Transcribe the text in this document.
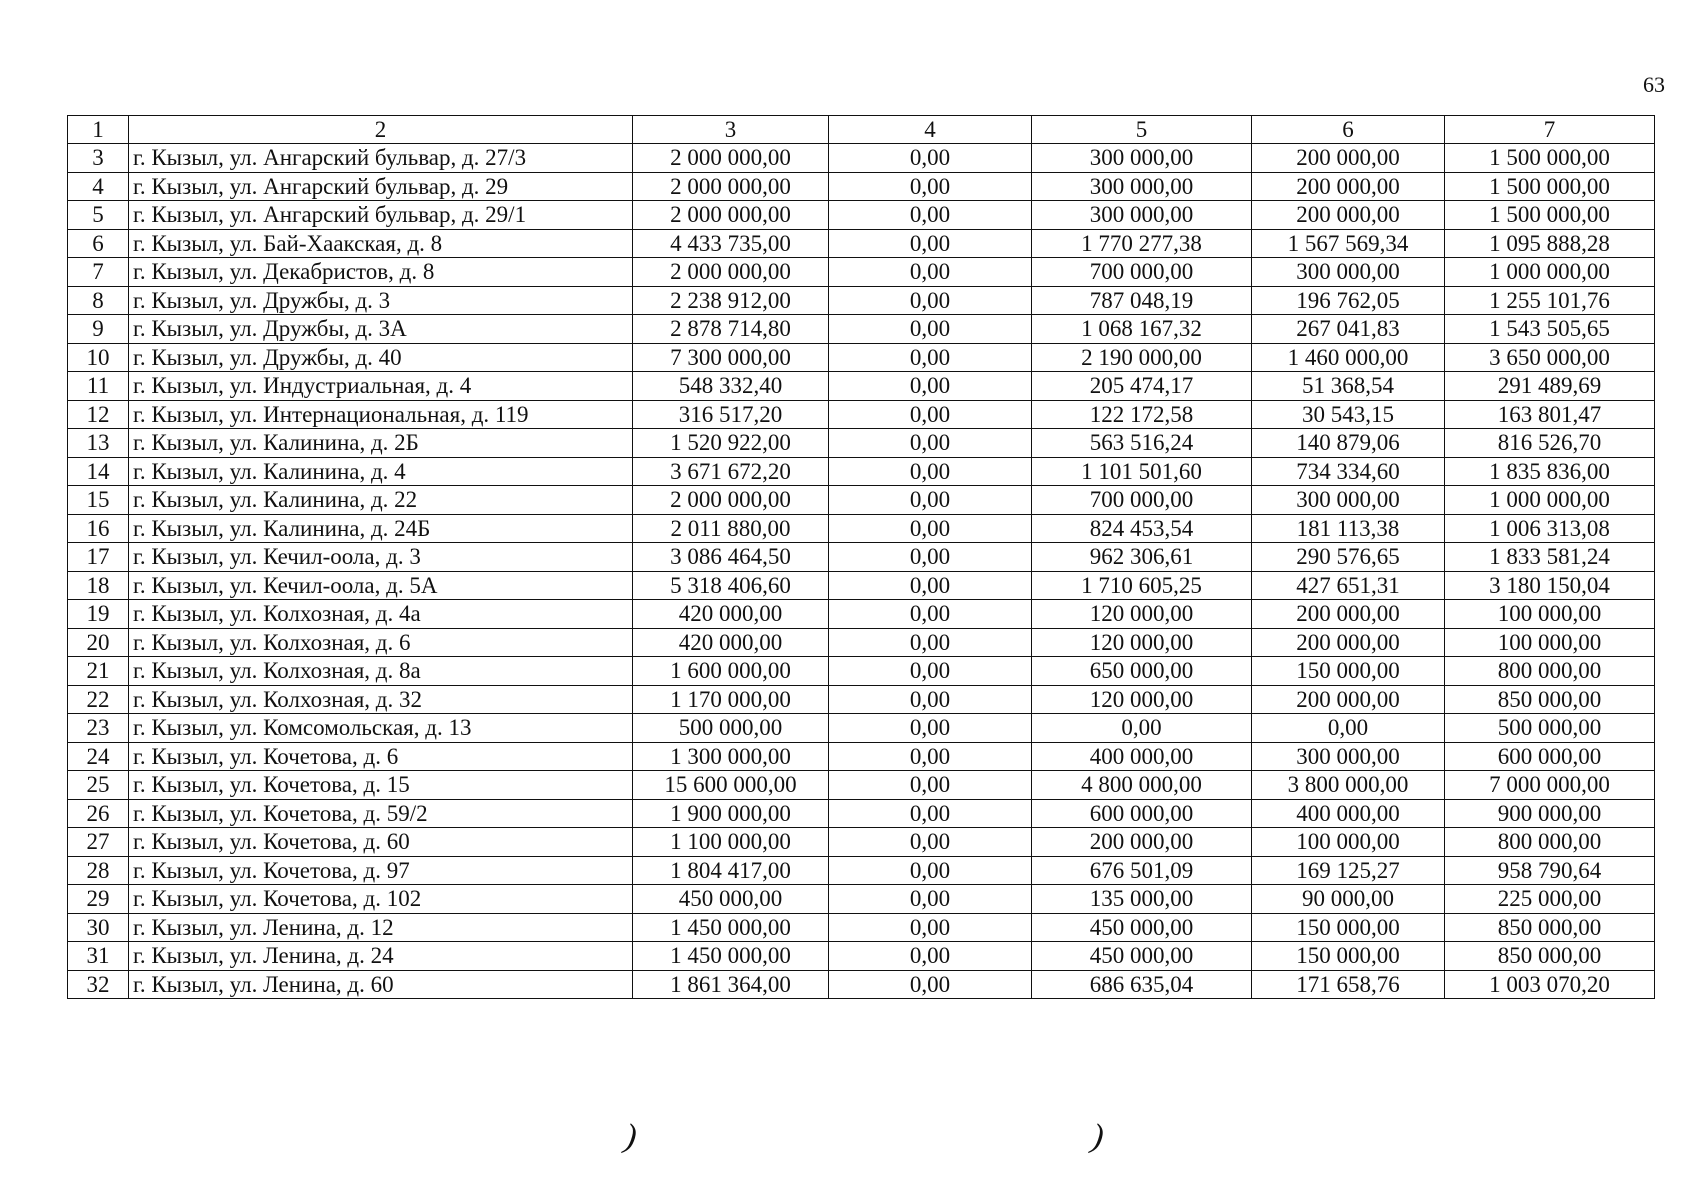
63
1	2	3	4	5	6	7
3	г. Кызыл, ул. Ангарский бульвар, д. 27/3	2 000 000,00	0,00	300 000,00	200 000,00	1 500 000,00
4	г. Кызыл, ул. Ангарский бульвар, д. 29	2 000 000,00	0,00	300 000,00	200 000,00	1 500 000,00
5	г. Кызыл, ул. Ангарский бульвар, д. 29/1	2 000 000,00	0,00	300 000,00	200 000,00	1 500 000,00
6	г. Кызыл, ул. Бай-Хаакская, д. 8	4 433 735,00	0,00	1 770 277,38	1 567 569,34	1 095 888,28
7	г. Кызыл, ул. Декабристов, д. 8	2 000 000,00	0,00	700 000,00	300 000,00	1 000 000,00
8	г. Кызыл, ул. Дружбы, д. 3	2 238 912,00	0,00	787 048,19	196 762,05	1 255 101,76
9	г. Кызыл, ул. Дружбы, д. 3А	2 878 714,80	0,00	1 068 167,32	267 041,83	1 543 505,65
10	г. Кызыл, ул. Дружбы, д. 40	7 300 000,00	0,00	2 190 000,00	1 460 000,00	3 650 000,00
11	г. Кызыл, ул. Индустриальная, д. 4	548 332,40	0,00	205 474,17	51 368,54	291 489,69
12	г. Кызыл, ул. Интернациональная, д. 119	316 517,20	0,00	122 172,58	30 543,15	163 801,47
13	г. Кызыл, ул. Калинина, д. 2Б	1 520 922,00	0,00	563 516,24	140 879,06	816 526,70
14	г. Кызыл, ул. Калинина, д. 4	3 671 672,20	0,00	1 101 501,60	734 334,60	1 835 836,00
15	г. Кызыл, ул. Калинина, д. 22	2 000 000,00	0,00	700 000,00	300 000,00	1 000 000,00
16	г. Кызыл, ул. Калинина, д. 24Б	2 011 880,00	0,00	824 453,54	181 113,38	1 006 313,08
17	г. Кызыл, ул. Кечил-оола, д. 3	3 086 464,50	0,00	962 306,61	290 576,65	1 833 581,24
18	г. Кызыл, ул. Кечил-оола, д. 5А	5 318 406,60	0,00	1 710 605,25	427 651,31	3 180 150,04
19	г. Кызыл, ул. Колхозная, д. 4а	420 000,00	0,00	120 000,00	200 000,00	100 000,00
20	г. Кызыл, ул. Колхозная, д. 6	420 000,00	0,00	120 000,00	200 000,00	100 000,00
21	г. Кызыл, ул. Колхозная, д. 8а	1 600 000,00	0,00	650 000,00	150 000,00	800 000,00
22	г. Кызыл, ул. Колхозная, д. 32	1 170 000,00	0,00	120 000,00	200 000,00	850 000,00
23	г. Кызыл, ул. Комсомольская, д. 13	500 000,00	0,00	0,00	0,00	500 000,00
24	г. Кызыл, ул. Кочетова, д. 6	1 300 000,00	0,00	400 000,00	300 000,00	600 000,00
25	г. Кызыл, ул. Кочетова, д. 15	15 600 000,00	0,00	4 800 000,00	3 800 000,00	7 000 000,00
26	г. Кызыл, ул. Кочетова, д. 59/2	1 900 000,00	0,00	600 000,00	400 000,00	900 000,00
27	г. Кызыл, ул. Кочетова, д. 60	1 100 000,00	0,00	200 000,00	100 000,00	800 000,00
28	г. Кызыл, ул. Кочетова, д. 97	1 804 417,00	0,00	676 501,09	169 125,27	958 790,64
29	г. Кызыл, ул. Кочетова, д. 102	450 000,00	0,00	135 000,00	90 000,00	225 000,00
30	г. Кызыл, ул. Ленина, д. 12	1 450 000,00	0,00	450 000,00	150 000,00	850 000,00
31	г. Кызыл, ул. Ленина, д. 24	1 450 000,00	0,00	450 000,00	150 000,00	850 000,00
32	г. Кызыл, ул. Ленина, д. 60	1 861 364,00	0,00	686 635,04	171 658,76	1 003 070,20
)	)
